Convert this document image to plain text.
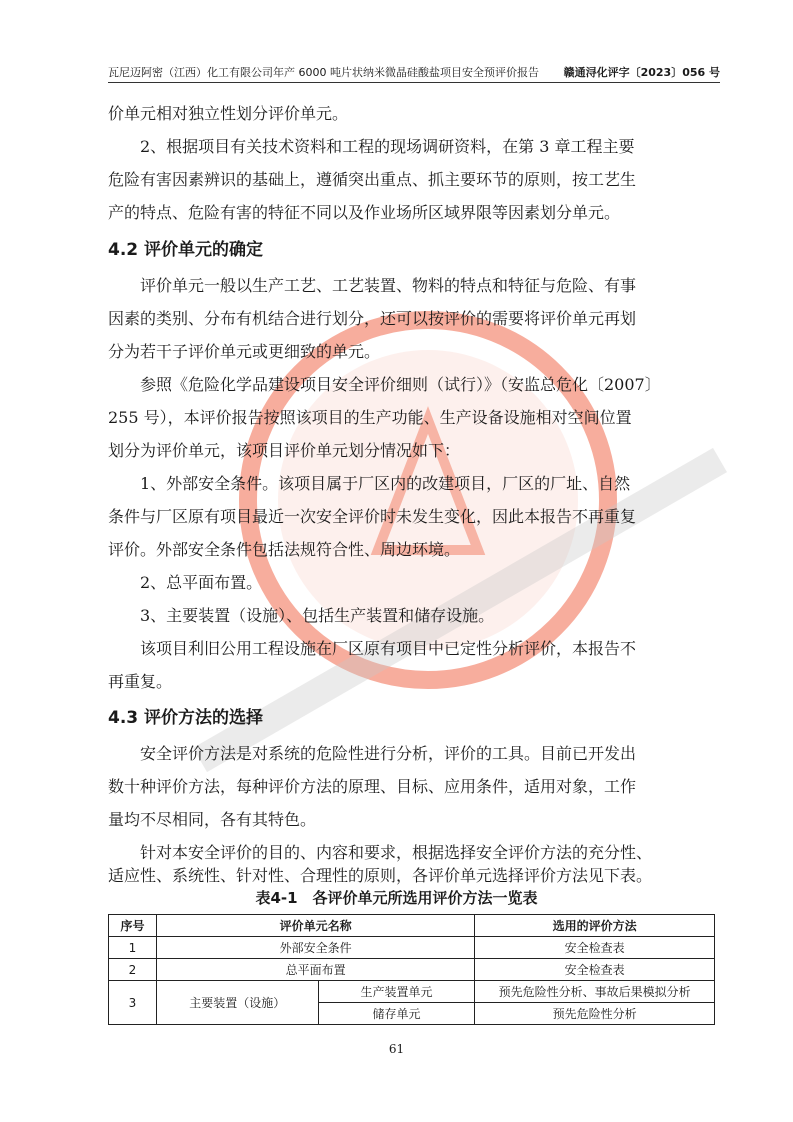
瓦尼迈阿密（江西）化工有限公司年产 6000 吨片状纳米微晶硅酸盐项目安全预评价报告 赣通浔化评字〔2023〕056 号
价单元相对独立性划分评价单元。
　　2、根据项目有关技术资料和工程的现场调研资料，在第 3 章工程主要
危险有害因素辨识的基础上，遵循突出重点、抓主要环节的原则，按工艺生
产的特点、危险有害的特征不同以及作业场所区域界限等因素划分单元。
4.2 评价单元的确定
　　评价单元一般以生产工艺、工艺装置、物料的特点和特征与危险、有事
因素的类别、分布有机结合进行划分，还可以按评价的需要将评价单元再划
分为若干子评价单元或更细致的单元。
　　参照《危险化学品建设项目安全评价细则（试行）》（安监总危化〔2007〕
255 号），本评价报告按照该项目的生产功能、生产设备设施相对空间位置
划分为评价单元，该项目评价单元划分情况如下：
　　1、外部安全条件。该项目属于厂区内的改建项目，厂区的厂址、自然
条件与厂区原有项目最近一次安全评价时未发生变化，因此本报告不再重复
评价。外部安全条件包括法规符合性、周边环境。
　　2、总平面布置。
　　3、主要装置（设施）、包括生产装置和储存设施。
　　该项目利旧公用工程设施在厂区原有项目中已定性分析评价，本报告不
再重复。
4.3 评价方法的选择
　　安全评价方法是对系统的危险性进行分析，评价的工具。目前已开发出
数十种评价方法，每种评价方法的原理、目标、应用条件，适用对象，工作
量均不尽相同，各有其特色。
　　针对本安全评价的目的、内容和要求，根据选择安全评价方法的充分性、
适应性、系统性、针对性、合理性的原则，各评价单元选择评价方法见下表。
表4-1　各评价单元所选用评价方法一览表
序号	评价单元名称		选用的评价方法
1	外部安全条件		安全检查表
2	总平面布置		安全检查表
3	主要装置（设施）	生产装置单元	预先危险性分析、事故后果模拟分析
		储存单元	预先危险性分析
61
